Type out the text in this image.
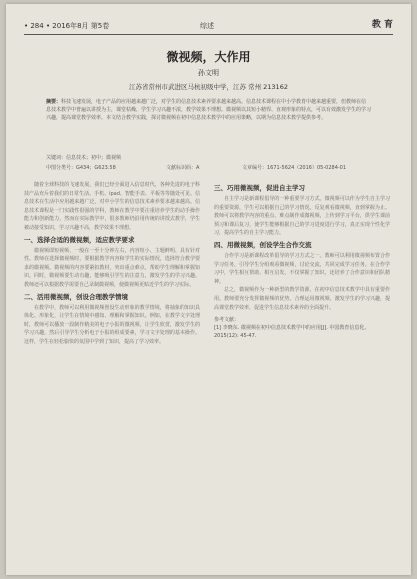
• 284 • 2016年8月 第5卷	综述	教 育
微视频，大作用
孙文明
江苏省常州市武进区马杭初级中学，江苏 常州 213162
摘要：科技飞速发展，电子产品的应用越来越广泛，对学生的信息技术素养要求越来越高。信息技术课程在中小学教育中越来越重要，但教师在信息技术教学中普遍以讲授为主，课堂枯燥，学生学习兴趣不浓，教学效果不理想。微视频以其短小精悍、直观形象的特点，可以有效激发学生的学习兴趣，提高课堂教学效率。本文结合教学实践，探讨微视频在初中信息技术教学中的应用策略，以期为信息技术教学提供参考。
关键词：信息技术；初中；微视频
中图分类号：G434；G623.58	文献标识码：A	文章编号：1671-5624（2016）05-0284-01

随着全球科技的飞速发展，我们已经全面进入信息时代，各种先进的电子科技产品充斥着我们的日常生活。手机、ipad、智能手表、平板等等随处可见。信息技术在生活中应用越来越广泛，对中小学生的信息技术素养要求越来越高。信息技术课程是一门实践性很强的学科，教师在教学中要注重培养学生的动手操作能力和创新能力，然而在实际教学中，很多教师仍沿用传统的讲授式教学，学生被动接受知识，学习兴趣不高，教学效果不理想。

一、选择合适的微视频，适应教学要求

微视频即短视频，一般在一至十分钟左右，内容短小、主题鲜明、具有针对性。教师在选择微视频时，要根据教学内容和学生的实际情况，选择符合教学要求的微视频。微视频的内容要紧扣教材，突出重点难点，帮助学生理解和掌握知识。同时，微视频要生动有趣，能够吸引学生的注意力，激发学生的学习兴趣。教师还可以根据教学需要自己录制微视频，使微视频更贴近学生的学习实际。

二、活用微视频，创设合理教学情境

在教学中，教师可以利用微视频创设生动形象的教学情境，将抽象的知识具体化、形象化，让学生在情境中感知、理解和掌握知识。例如，在教学文字处理时，教师可以播放一段制作精美的电子小报的微视频，让学生欣赏，激发学生的学习兴趣，然后引导学生分析电子小报的组成要素，学习文字处理的基本操作。这样，学生在轻松愉快的氛围中学到了知识，提高了学习效率。

三、巧用微视频，促进自主学习

自主学习是新课程倡导的一种重要学习方式。微视频可以作为学生自主学习的重要资源，学生可以根据自己的学习情况，反复观看微视频，直到掌握为止。教师可以将教学内容的重点、难点制作成微视频，上传到学习平台，供学生课前预习和课后复习，使学生能够根据自己的学习进度进行学习，真正实现个性化学习，提高学生的自主学习能力。

四、用微视频，创设学生合作交流

合作学习是新课程改革倡导的学习方式之一。教师可以利用微视频布置合作学习任务，引导学生分组观看微视频，讨论交流，共同完成学习任务。在合作学习中，学生相互帮助、相互启发，不仅掌握了知识，还培养了合作意识和团队精神。

总之，微视频作为一种新型的教学资源，在初中信息技术教学中具有重要作用。教师要充分发挥微视频的优势，合理运用微视频，激发学生的学习兴趣，提高课堂教学效率，促进学生信息技术素养的全面提升。

参考文献：
[1] 李晓东. 微视频在初中信息技术教学中的应用[J]. 中国教育信息化, 2015(12): 45-47.
